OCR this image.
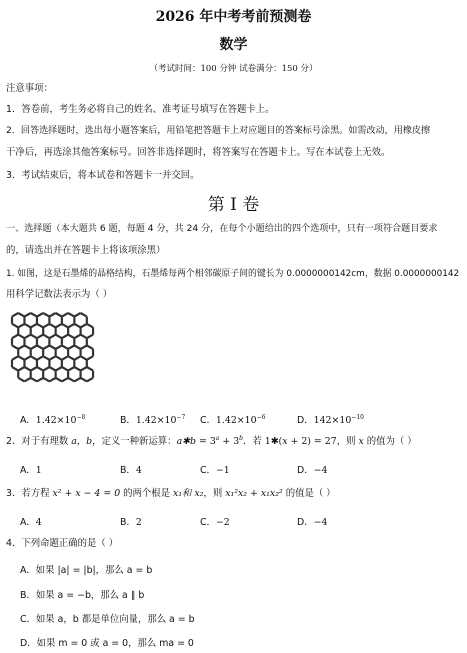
2026 年中考考前预测卷
数学
（考试时间：100 分钟 试卷满分：150 分）
注意事项：
1．答卷前，考生务必将自己的姓名、准考证号填写在答题卡上。
2．回答选择题时，选出每小题答案后，用铅笔把答题卡上对应题目的答案标号涂黑。如需改动，用橡皮擦
干净后，再选涂其他答案标号。回答非选择题时，将答案写在答题卡上。写在本试卷上无效。
3．考试结束后，将本试卷和答题卡一并交回。
第 I 卷
一、选择题（本大题共 6 题，每题 4 分，共 24 分，在每个小题给出的四个选项中，只有一项符合题目要求
的，请选出并在答题卡上将该项涂黑）
1. 如图，这是石墨烯的晶格结构，石墨烯每两个相邻碳原子间的键长为 0.0000000142cm，数据 0.0000000142
用科学记数法表示为（ ）
A．$1.42\times 10^{-8}$	B．$1.42\times 10^{-7}$ C．$1.42\times 10^{-6}$	D．$142\times 10^{-10}$
2．对于有理数 a，b，定义一种新运算：a✱b = $3^a + 3^b$．若 1✱(x + 2) = 27，则 x 的值为（ ）
A．1	B．4	C．−1	D．−4
3．若方程 x² + x − 4 = 0 的两个根是 x₁和 x₂，则 x₁²x₂ + x₁x₂² 的值是（ ）
A．4	B．2	C．−2	D．−4
4．下列命题正确的是（ ）
A．如果 |a| = |b|，那么 a = b
B．如果 a = −b，那么 a ∥ b
C．如果 a，b 都是单位向量，那么 a = b
D．如果 m = 0 或 a = 0，那么 ma = 0
